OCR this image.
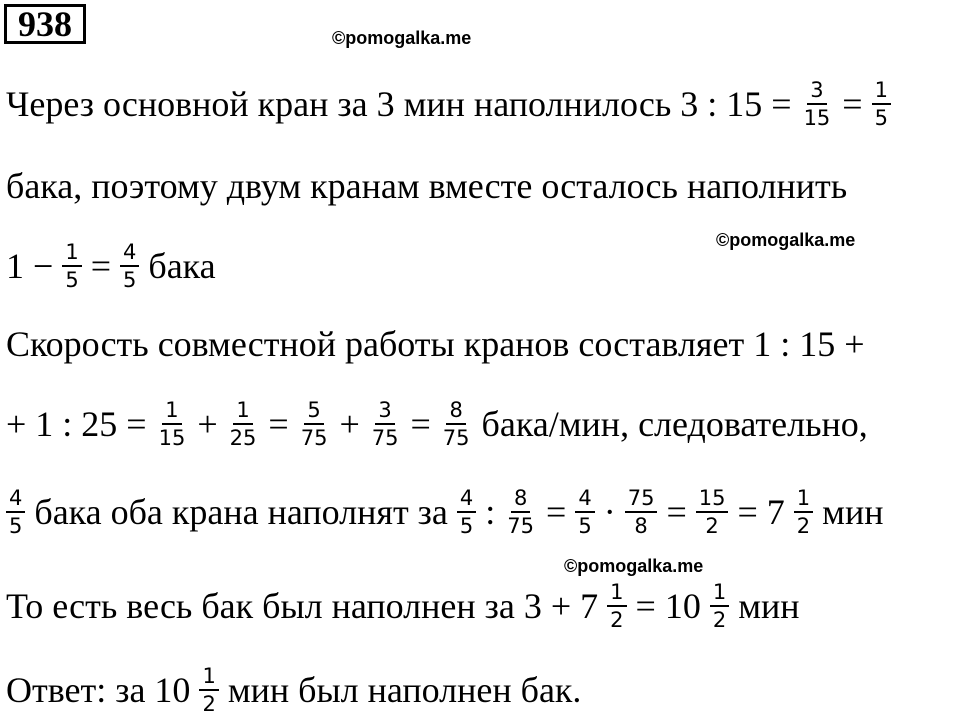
938	©pomogalka.me
©pomogalka.me
©pomogalka.me
Через основной кран за 3 мин наполнилось 3 : $15 = \frac{3}{15} = \frac{1}{5}$
бака, поэтому двум кранам вместе осталось наполнить
$1 - \frac{1}{5} = \frac{4}{5}$ бака
Скорость совместной работы кранов составляет 1 : 15 +
+ 1 : $25 = \frac{1}{15} + \frac{1}{25} = \frac{5}{75} + \frac{3}{75} = \frac{8}{75}$ бака/мин, следовательно,
$\frac{4}{5}$ бака оба крана наполнят за $\frac{4}{5}$ : $\frac{8}{75} = \frac{4}{5} \cdot \frac{75}{8} = \frac{15}{2} = 7 \frac{1}{2}$ мин
То есть весь бак был наполнен за $3 + 7 \frac{1}{2} = 10 \frac{1}{2}$ мин
Ответ: за $10 \frac{1}{2}$ мин был наполнен бак.
